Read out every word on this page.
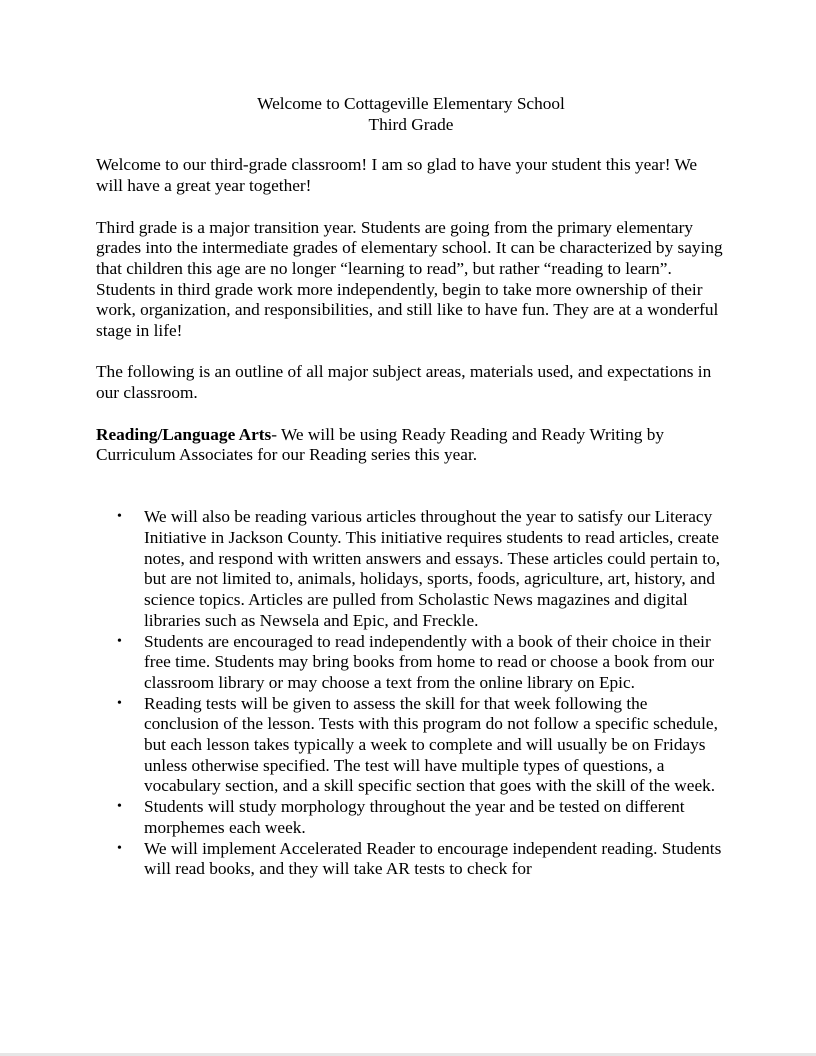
Welcome to Cottageville Elementary School
Third Grade

Welcome to our third-grade classroom! I am so glad to have your student this year! We will have a great year together!

Third grade is a major transition year. Students are going from the primary elementary grades into the intermediate grades of elementary school. It can be characterized by saying that children this age are no longer “learning to read”, but rather “reading to learn”. Students in third grade work more independently, begin to take more ownership of their work, organization, and responsibilities, and still like to have fun. They are at a wonderful stage in life!

The following is an outline of all major subject areas, materials used, and expectations in our classroom.

Reading/Language Arts- We will be using Ready Reading and Ready Writing by Curriculum Associates for our Reading series this year.

• We will also be reading various articles throughout the year to satisfy our Literacy Initiative in Jackson County. This initiative requires students to read articles, create notes, and respond with written answers and essays. These articles could pertain to, but are not limited to, animals, holidays, sports, foods, agriculture, art, history, and science topics. Articles are pulled from Scholastic News magazines and digital libraries such as Newsela and Epic, and Freckle.
• Students are encouraged to read independently with a book of their choice in their free time. Students may bring books from home to read or choose a book from our classroom library or may choose a text from the online library on Epic.
• Reading tests will be given to assess the skill for that week following the conclusion of the lesson. Tests with this program do not follow a specific schedule, but each lesson takes typically a week to complete and will usually be on Fridays unless otherwise specified. The test will have multiple types of questions, a vocabulary section, and a skill specific section that goes with the skill of the week.
• Students will study morphology throughout the year and be tested on different morphemes each week.
• We will implement Accelerated Reader to encourage independent reading. Students will read books, and they will take AR tests to check for
